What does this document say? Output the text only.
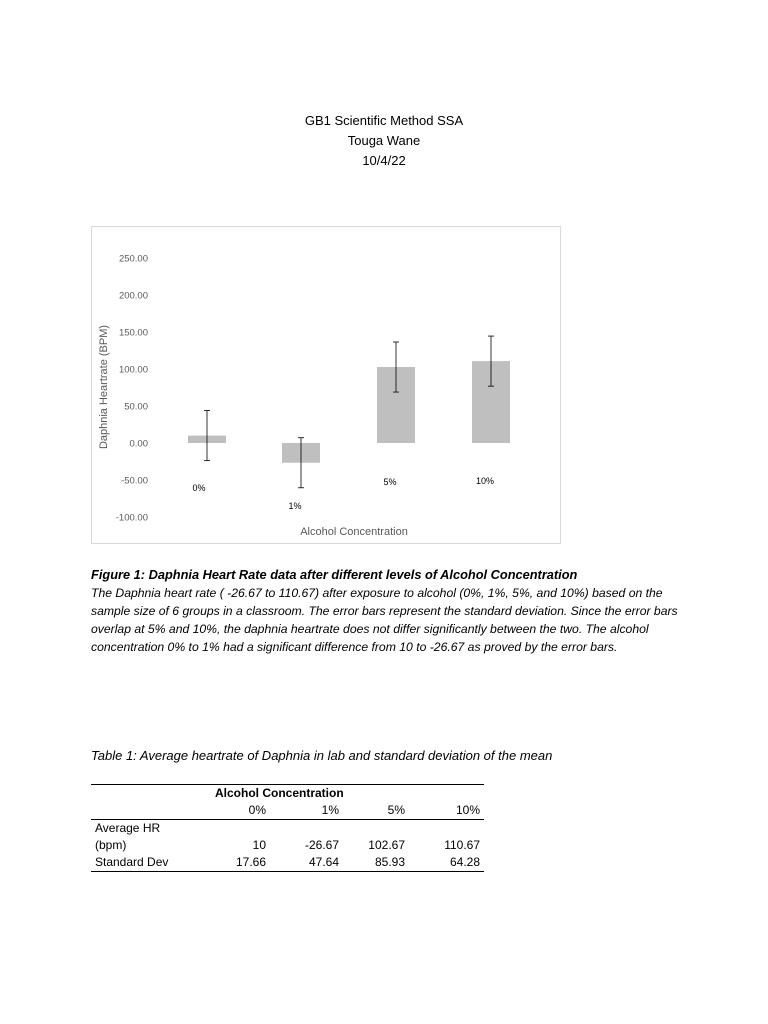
GB1 Scientific Method SSA
Touga Wane
10/4/22
250.00
200.00
150.00
100.00
50.00
0.00
-50.00
-100.00
0%
1%
5%	10%
Alcohol Concentration
Daphnia Heartrate (BPM)
Figure 1: Daphnia Heart Rate data after different levels of Alcohol Concentration
The Daphnia heart rate ( -26.67 to 110.67) after exposure to alcohol (0%, 1%, 5%, and 10%) based on the sample size of 6 groups in a classroom. The error bars represent the standard deviation. Since the error bars overlap at 5% and 10%, the daphnia heartrate does not differ significantly between the two. The alcohol concentration 0% to 1% had a significant difference from 10 to -26.67 as proved by the error bars.
Table 1: Average heartrate of Daphnia in lab and standard deviation of the mean
	Alcohol Concentration			
	0%	1%	5%	10%
Average HR
(bpm)	10	-26.67	102.67	110.67
Standard Dev	17.66	47.64	85.93	64.28
